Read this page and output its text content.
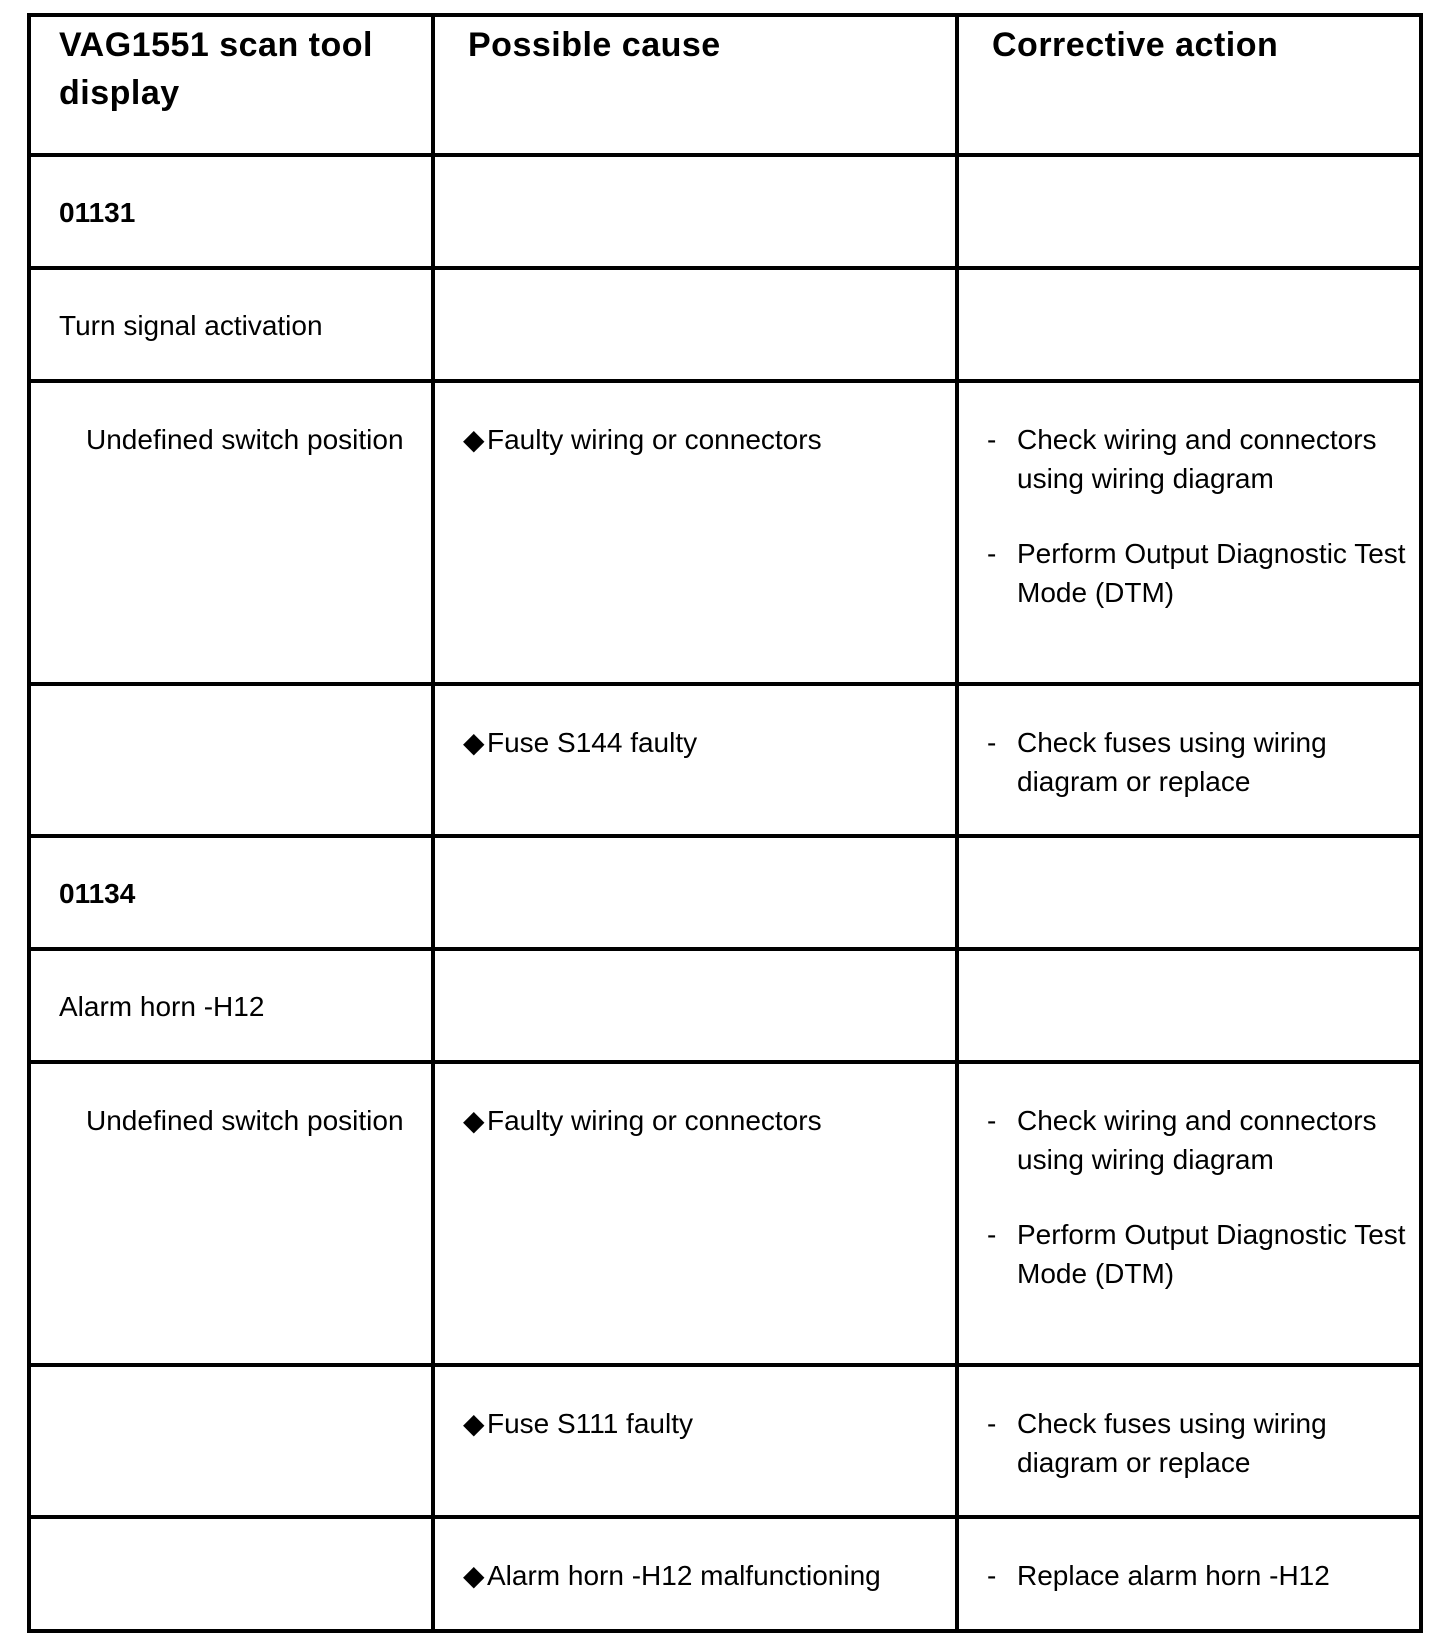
VAG1551 scan tool display	Possible cause	Corrective action
01131		
Turn signal activation		
Undefined switch position	◆Faulty wiring or connectors	- Check wiring and connectors using wiring diagram
- Perform Output Diagnostic Test Mode (DTM)

	◆Fuse S144 faulty	- Check fuses using wiring diagram or replace

01134		
Alarm horn -H12		
Undefined switch position	◆Faulty wiring or connectors	- Check wiring and connectors using wiring diagram
- Perform Output Diagnostic Test Mode (DTM)

	◆Fuse S111 faulty	- Check fuses using wiring diagram or replace

	◆Alarm horn -H12 malfunctioning	- Replace alarm horn -H12
